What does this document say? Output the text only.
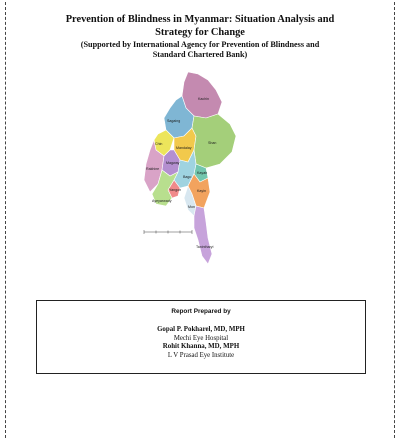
Prevention of Blindness in Myanmar: Situation Analysis and
Strategy for Change
(Supported by International Agency for Prevention of Blindness and
Standard Chartered Bank)
Kachin
Sagaing
Chin
Mandalay
Shan
Rakhine
Magway
Kayah
Bago
Yangon	Kayin
Ayeyarwady
Mon
Tanintharyi
Report Prepared by
Gopal P. Pokharel, MD, MPH
Mechi Eye Hospital
Rohit Khanna, MD, MPH
L V Prasad Eye Institute
